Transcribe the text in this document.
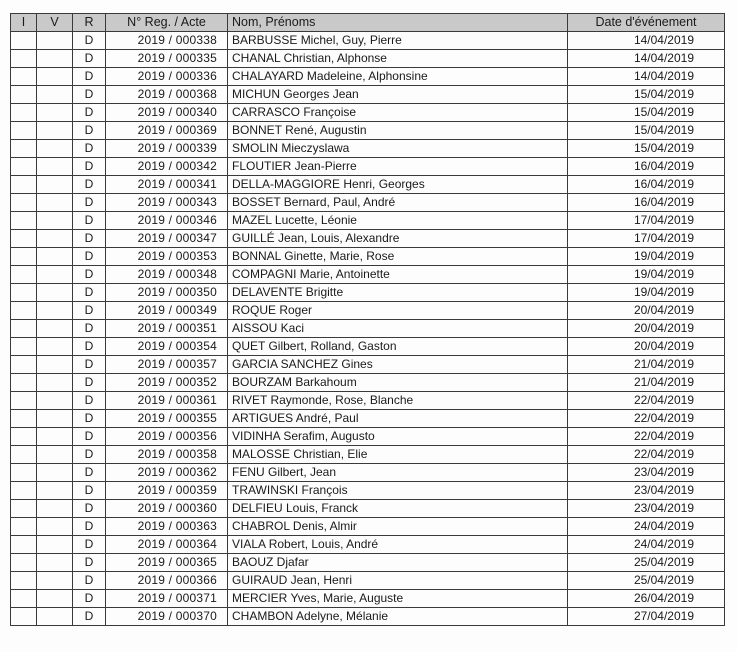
I	V	R	N° Reg. / Acte	Nom, Prénoms	Date d'événement
		D	2019 / 000338	BARBUSSE Michel, Guy, Pierre	14/04/2019
		D	2019 / 000335	CHANAL Christian, Alphonse	14/04/2019
		D	2019 / 000336	CHALAYARD Madeleine, Alphonsine	14/04/2019
		D	2019 / 000368	MICHUN Georges Jean	15/04/2019
		D	2019 / 000340	CARRASCO Françoise	15/04/2019
		D	2019 / 000369	BONNET René, Augustin	15/04/2019
		D	2019 / 000339	SMOLIN Mieczyslawa	15/04/2019
		D	2019 / 000342	FLOUTIER Jean-Pierre	16/04/2019
		D	2019 / 000341	DELLA-MAGGIORE Henri, Georges	16/04/2019
		D	2019 / 000343	BOSSET Bernard, Paul, André	16/04/2019
		D	2019 / 000346	MAZEL Lucette, Léonie	17/04/2019
		D	2019 / 000347	GUILLÉ Jean, Louis, Alexandre	17/04/2019
		D	2019 / 000353	BONNAL Ginette, Marie, Rose	19/04/2019
		D	2019 / 000348	COMPAGNI Marie, Antoinette	19/04/2019
		D	2019 / 000350	DELAVENTE Brigitte	19/04/2019
		D	2019 / 000349	ROQUE Roger	20/04/2019
		D	2019 / 000351	AISSOU Kaci	20/04/2019
		D	2019 / 000354	QUET Gilbert, Rolland, Gaston	20/04/2019
		D	2019 / 000357	GARCIA SANCHEZ Gines	21/04/2019
		D	2019 / 000352	BOURZAM Barkahoum	21/04/2019
		D	2019 / 000361	RIVET Raymonde, Rose, Blanche	22/04/2019
		D	2019 / 000355	ARTIGUES André, Paul	22/04/2019
		D	2019 / 000356	VIDINHA Serafim, Augusto	22/04/2019
		D	2019 / 000358	MALOSSE Christian, Elie	22/04/2019
		D	2019 / 000362	FENU Gilbert, Jean	23/04/2019
		D	2019 / 000359	TRAWINSKI François	23/04/2019
		D	2019 / 000360	DELFIEU Louis, Franck	23/04/2019
		D	2019 / 000363	CHABROL Denis, Almir	24/04/2019
		D	2019 / 000364	VIALA Robert, Louis, André	24/04/2019
		D	2019 / 000365	BAOUZ Djafar	25/04/2019
		D	2019 / 000366	GUIRAUD Jean, Henri	25/04/2019
		D	2019 / 000371	MERCIER Yves, Marie, Auguste	26/04/2019
		D	2019 / 000370	CHAMBON Adelyne, Mélanie	27/04/2019
